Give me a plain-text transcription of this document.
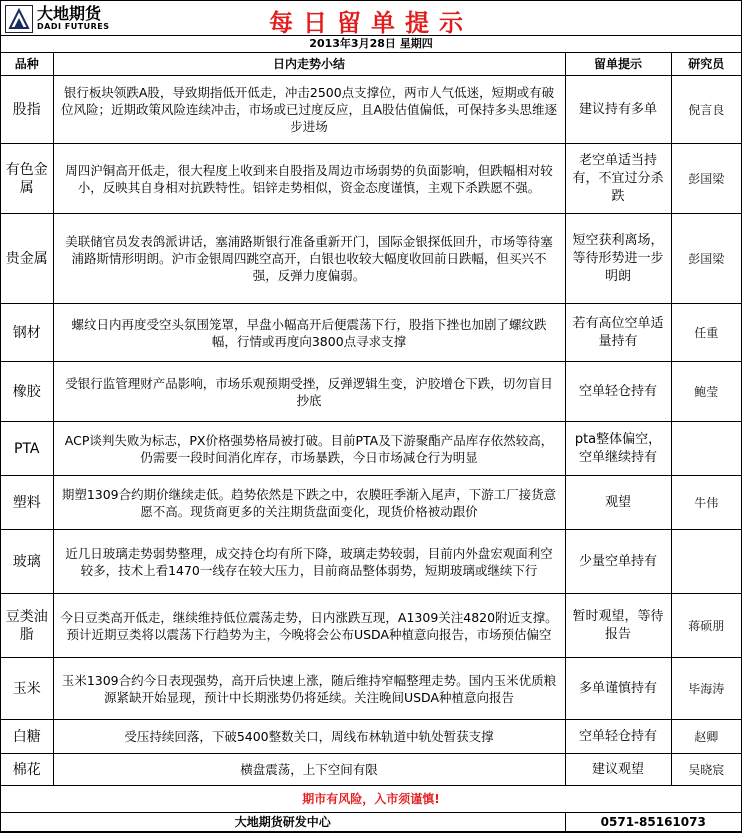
大地期货
DADI FUTURES	每日留单提示
2013年3月28日 星期四
品种	日内走势小结	留单提示	研究员
股指	银行板块领跌A股，导致期指低开低走，冲击2500点支撑位，两市人气低迷，短期或有破位风险；近期政策风险连续冲击，市场或已过度反应，且A股估值偏低，可保持多头思维逐步进场	建议持有多单	倪言良
有色金属	周四沪铜高开低走，很大程度上收到来自股指及周边市场弱势的负面影响，但跌幅相对较小，反映其自身相对抗跌特性。铝锌走势相似，资金态度谨慎，主观下杀跌愿不强。	老空单适当持有，不宜过分杀跌	彭国梁
贵金属	美联储官员发表鸽派讲话，塞浦路斯银行准备重新开门，国际金银探低回升，市场等待塞浦路斯情形明朗。沪市金银周四跳空高开，白银也收较大幅度收回前日跌幅，但买兴不强，反弹力度偏弱。	短空获利离场，等待形势进一步明朗	彭国梁
钢材	螺纹日内再度受空头氛围笼罩，早盘小幅高开后便震荡下行，股指下挫也加剧了螺纹跌幅，行情或再度向3800点寻求支撑	若有高位空单适量持有	任重
橡胶	受银行监管理财产品影响，市场乐观预期受挫，反弹逻辑生变，沪胶增仓下跌，切勿盲目抄底	空单轻仓持有	鲍莹
PTA	ACP谈判失败为标志，PX价格强势格局被打破。目前PTA及下游聚酯产品库存依然较高，仍需要一段时间消化库存，市场暴跌，今日市场减仓行为明显	pta整体偏空，空单继续持有	
塑料	期塑1309合约期价继续走低。趋势依然是下跌之中，农膜旺季渐入尾声，下游工厂接货意愿不高。现货商更多的关注期货盘面变化，现货价格被动跟价	观望	牛伟
玻璃	近几日玻璃走势弱势整理，成交持仓均有所下降，玻璃走势较弱，目前内外盘宏观面利空较多，技术上看1470一线存在较大压力，目前商品整体弱势，短期玻璃或继续下行	少量空单持有	
豆类油脂	今日豆类高开低走，继续维持低位震荡走势，日内涨跌互现，A1309关注4820附近支撑。预计近期豆类将以震荡下行趋势为主，今晚将会公布USDA种植意向报告，市场预估偏空	暂时观望，等待报告	蒋硕朋
玉米	玉米1309合约今日表现强势，高开后快速上涨，随后维持窄幅整理走势。国内玉米优质粮源紧缺开始显现，预计中长期涨势仍将延续。关注晚间USDA种植意向报告	多单谨慎持有	毕海涛
白糖	受压持续回落，下破5400整数关口，周线布林轨道中轨处暂获支撑	空单轻仓持有	赵卿
棉花	横盘震荡，上下空间有限	建议观望	吴晓宸
期市有风险，入市须谨慎!			
大地期货研发中心		0571-85161073	
